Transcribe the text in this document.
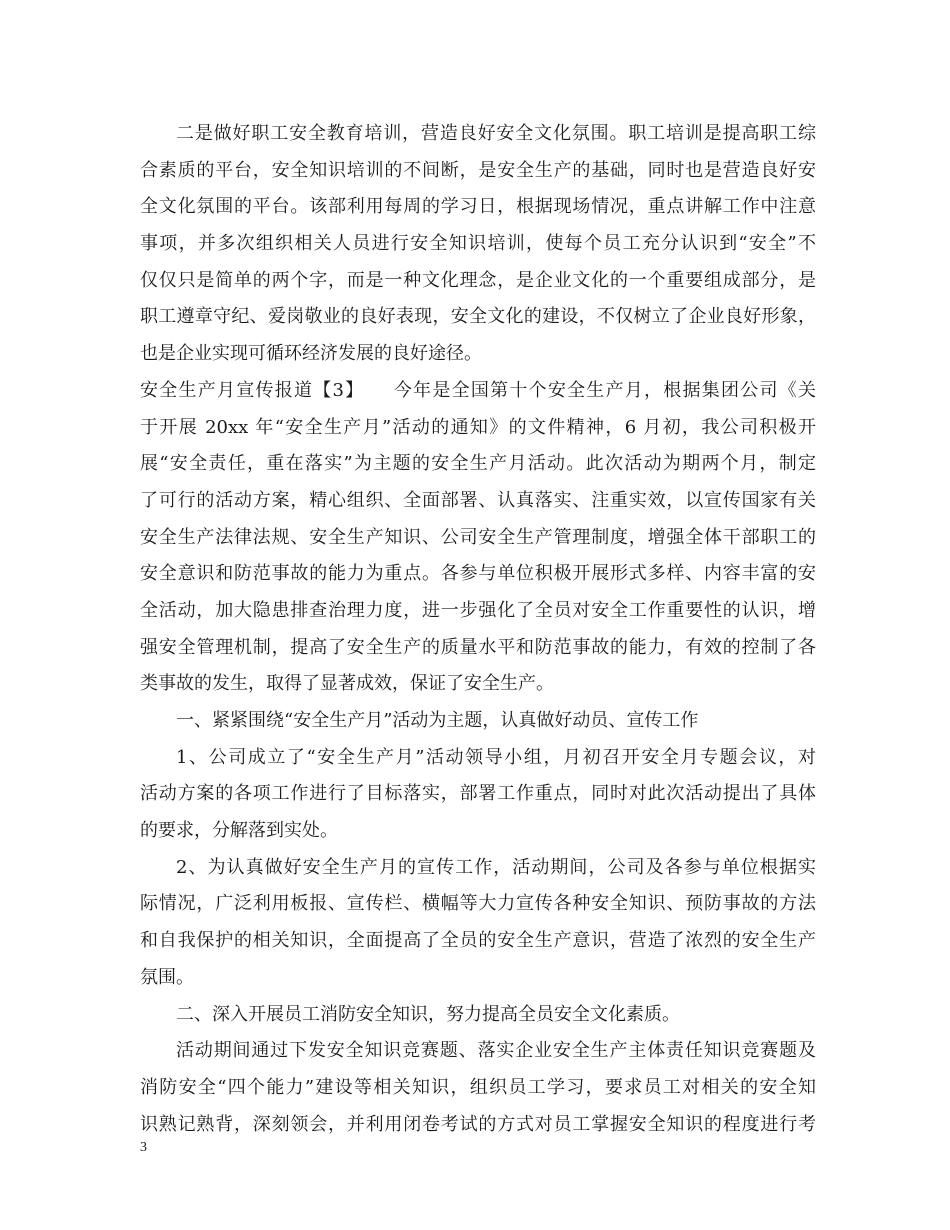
二是做好职工安全教育培训，营造良好安全文化氛围。职工培训是提高职工综
合素质的平台，安全知识培训的不间断，是安全生产的基础，同时也是营造良好安
全文化氛围的平台。该部利用每周的学习日，根据现场情况，重点讲解工作中注意
事项，并多次组织相关人员进行安全知识培训，使每个员工充分认识到“安全”不
仅仅只是简单的两个字，而是一种文化理念，是企业文化的一个重要组成部分，是
职工遵章守纪、爱岗敬业的良好表现，安全文化的建设，不仅树立了企业良好形象，
也是企业实现可循环经济发展的良好途径。
安全生产月宣传报道【3】　　今年是全国第十个安全生产月，根据集团公司《关
于开展 20xx 年“安全生产月”活动的通知》的文件精神，6 月初，我公司积极开
展“安全责任，重在落实”为主题的安全生产月活动。此次活动为期两个月，制定
了可行的活动方案，精心组织、全面部署、认真落实、注重实效，以宣传国家有关
安全生产法律法规、安全生产知识、公司安全生产管理制度，增强全体干部职工的
安全意识和防范事故的能力为重点。各参与单位积极开展形式多样、内容丰富的安
全活动，加大隐患排查治理力度，进一步强化了全员对安全工作重要性的认识，增
强安全管理机制，提高了安全生产的质量水平和防范事故的能力，有效的控制了各
类事故的发生，取得了显著成效，保证了安全生产。
一、紧紧围绕“安全生产月”活动为主题，认真做好动员、宣传工作
1、公司成立了“安全生产月”活动领导小组，月初召开安全月专题会议，对
活动方案的各项工作进行了目标落实，部署工作重点，同时对此次活动提出了具体
的要求，分解落到实处。
2、为认真做好安全生产月的宣传工作，活动期间，公司及各参与单位根据实
际情况，广泛利用板报、宣传栏、横幅等大力宣传各种安全知识、预防事故的方法
和自我保护的相关知识，全面提高了全员的安全生产意识，营造了浓烈的安全生产
氛围。
二、深入开展员工消防安全知识，努力提高全员安全文化素质。
活动期间通过下发安全知识竞赛题、落实企业安全生产主体责任知识竞赛题及
消防安全“四个能力”建设等相关知识，组织员工学习，要求员工对相关的安全知
识熟记熟背，深刻领会，并利用闭卷考试的方式对员工掌握安全知识的程度进行考
3
